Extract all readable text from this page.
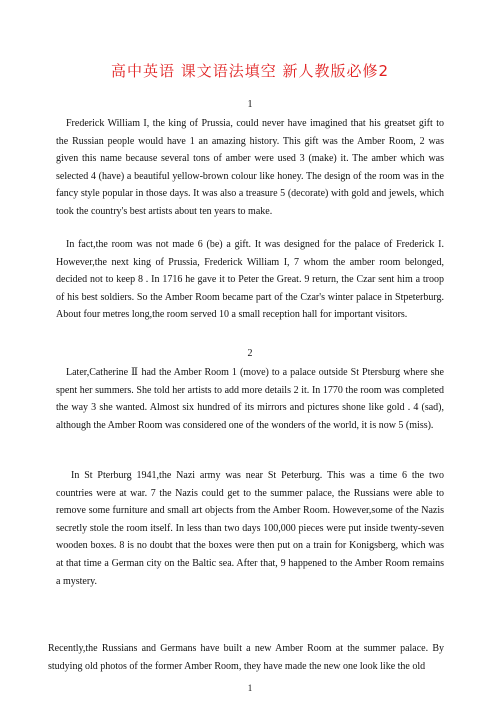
高中英语 课文语法填空 新人教版必修2
1

Frederick William I, the king of Prussia, could never have imagined that his greatset gift to the Russian people would have 1 an amazing history. This gift was the Amber Room, 2 was given this name because several tons of amber were used 3 (make) it. The amber which was selected 4 (have) a beautiful yellow-brown colour like honey. The design of the room was in the fancy style popular in those days. It was also a treasure 5 (decorate) with gold and jewels, which took the country's best artists about ten years to make.

In fact,the room was not made 6 (be) a gift. It was designed for the palace of Frederick I. However,the next king of Prussia, Frederick William I, 7 whom the amber room belonged, decided not to keep 8 . In 1716 he gave it to Peter the Great. 9 return, the Czar sent him a troop of his best soldiers. So the Amber Room became part of the Czar's winter palace in Stpeterburg. About four metres long,the room served 10 a small reception hall for important visitors.

2

Later,Catherine Ⅱ had the Amber Room 1 (move) to a palace outside St Ptersburg where she spent her summers. She told her artists to add more details 2 it. In 1770 the room was completed the way 3 she wanted. Almost six hundred of its mirrors and pictures shone like gold . 4 (sad), although the Amber Room was considered one of the wonders of the world, it is now 5 (miss).

In St Pterburg 1941,the Nazi army was near St Peterburg. This was a time 6 the two countries were at war. 7 the Nazis could get to the summer palace, the Russians were able to remove some furniture and small art objects from the Amber Room. However,some of the Nazis secretly stole the room itself. In less than two days 100,000 pieces were put inside twenty-seven wooden boxes. 8 is no doubt that the boxes were then put on a train for Konigsberg, which was at that time a German city on the Baltic sea. After that, 9 happened to the Amber Room remains a mystery.

Recently,the Russians and Germans have built a new Amber Room at the summer palace. By studying old photos of the former Amber Room, they have made the new one look like the old

1
